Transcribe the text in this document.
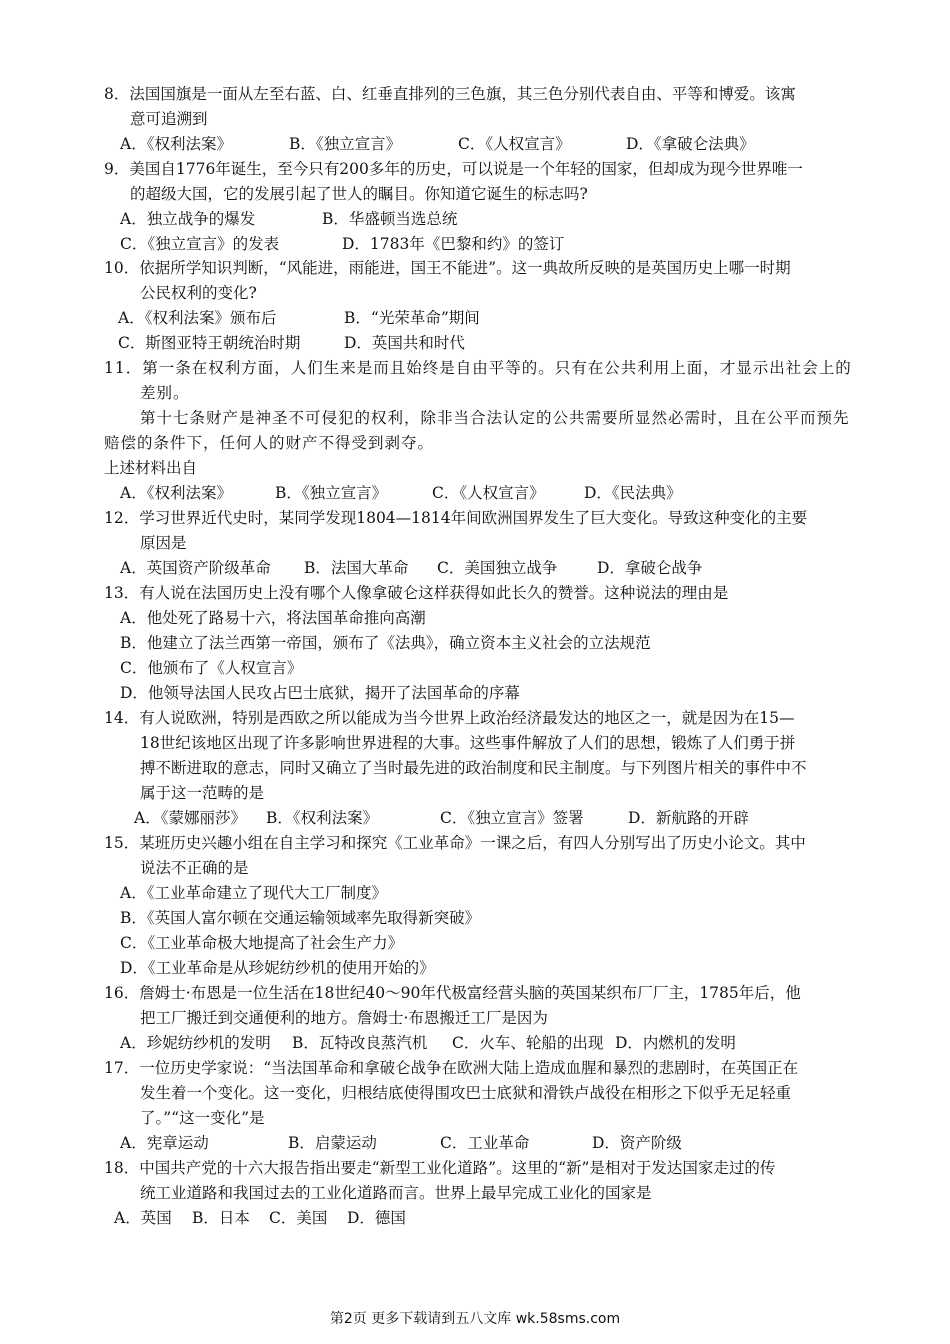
8．法国国旗是一面从左至右蓝、白、红垂直排列的三色旗，其三色分别代表自由、平等和博爱。该寓
意可追溯到
A．《权利法案》	B．《独立宣言》	C．《人权宣言》	D．《拿破仑法典》
9．美国自1776年诞生，至今只有200多年的历史，可以说是一个年轻的国家，但却成为现今世界唯一
的超级大国，它的发展引起了世人的瞩目。你知道它诞生的标志吗?
A．独立战争的爆发	B．华盛顿当选总统
C．《独立宣言》的发表	D．1783年《巴黎和约》的签订
10．依据所学知识判断，“风能进，雨能进，国王不能进”。这一典故所反映的是英国历史上哪一时期
公民权利的变化?
A．《权利法案》颁布后	B．“光荣革命”期间
C．斯图亚特王朝统治时期	D．英国共和时代
11．第一条在权利方面，人们生来是而且始终是自由平等的。只有在公共利用上面，才显示出社会上的
差别。
第十七条财产是神圣不可侵犯的权利，除非当合法认定的公共需要所显然必需时，且在公平而预先
赔偿的条件下，任何人的财产不得受到剥夺。
上述材料出自
A．《权利法案》	B．《独立宣言》	C．《人权宣言》	D．《民法典》
12．学习世界近代史时，某同学发现1804—1814年间欧洲国界发生了巨大变化。导致这种变化的主要
原因是
A．英国资产阶级革命 B．法国大革命 C．美国独立战争	D．拿破仑战争
13．有人说在法国历史上没有哪个人像拿破仑这样获得如此长久的赞誉。这种说法的理由是
A．他处死了路易十六，将法国革命推向高潮
B．他建立了法兰西第一帝国，颁布了《法典》，确立资本主义社会的立法规范
C．他颁布了《人权宣言》
D．他领导法国人民攻占巴士底狱，揭开了法国革命的序幕
14．有人说欧洲，特别是西欧之所以能成为当今世界上政治经济最发达的地区之一，就是因为在15—
18世纪该地区出现了许多影响世界进程的大事。这些事件解放了人们的思想，锻炼了人们勇于拼
搏不断进取的意志，同时又确立了当时最先进的政治制度和民主制度。与下列图片相关的事件中不
属于这一范畴的是
A．《蒙娜丽莎》 B．《权利法案》	C．《独立宣言》签署	D．新航路的开辟
15．某班历史兴趣小组在自主学习和探究《工业革命》一课之后，有四人分别写出了历史小论文。其中
说法不正确的是
A．《工业革命建立了现代大工厂制度》
B．《英国人富尔顿在交通运输领域率先取得新突破》
C．《工业革命极大地提高了社会生产力》
D．《工业革命是从珍妮纺纱机的使用开始的》
16．詹姆士·布恩是一位生活在18世纪40～90年代极富经营头脑的英国某织布厂厂主，1785年后，他
把工厂搬迁到交通便利的地方。詹姆士·布恩搬迁工厂是因为
A．珍妮纺纱机的发明 B．瓦特改良蒸汽机 C．火车、轮船的出现 D．内燃机的发明
17．一位历史学家说：“当法国革命和拿破仑战争在欧洲大陆上造成血腥和暴烈的悲剧时，在英国正在
发生着一个变化。这一变化，归根结底使得围攻巴士底狱和滑铁卢战役在相形之下似乎无足轻重
了。”“这一变化”是
A．宪章运动	B．启蒙运动	C．工业革命	D．资产阶级
18．中国共产党的十六大报告指出要走“新型工业化道路”。这里的“新”是相对于发达国家走过的传
统工业道路和我国过去的工业化道路而言。世界上最早完成工业化的国家是
A．英国 B．日本 C．美国 D．德国
第2页 更多下载请到五八文库 wk.58sms.com
